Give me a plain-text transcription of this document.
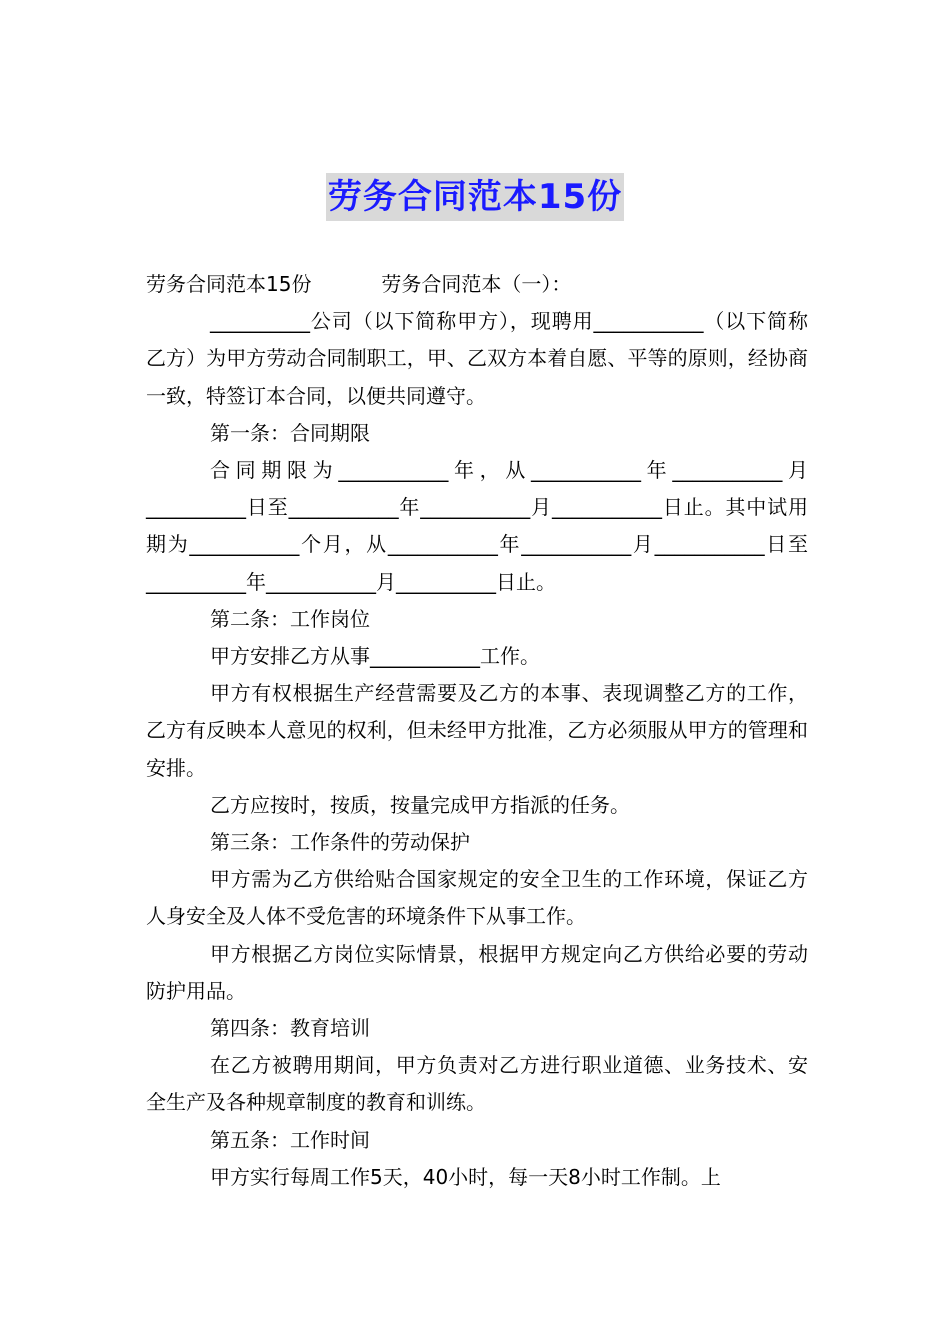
劳务合同范本15份

劳务合同范本15份           劳务合同范本（一）：

__________公司（以下简称甲方），现聘用___________（以下简称乙方）为甲方劳动合同制职工，甲、乙双方本着自愿、平等的原则，经协商一致，特签订本合同，以便共同遵守。

第一条：合同期限

合同期限为___________年，从___________年___________月__________日至___________年___________月___________日止。其中试用期为___________个月，从___________年___________月___________日至__________年___________月__________日止。

第二条：工作岗位

甲方安排乙方从事___________工作。

甲方有权根据生产经营需要及乙方的本事、表现调整乙方的工作，乙方有反映本人意见的权利，但未经甲方批准，乙方必须服从甲方的管理和安排。

乙方应按时，按质，按量完成甲方指派的任务。

第三条：工作条件的劳动保护

甲方需为乙方供给贴合国家规定的安全卫生的工作环境，保证乙方人身安全及人体不受危害的环境条件下从事工作。

甲方根据乙方岗位实际情景，根据甲方规定向乙方供给必要的劳动防护用品。

第四条：教育培训

在乙方被聘用期间，甲方负责对乙方进行职业道德、业务技术、安全生产及各种规章制度的教育和训练。

第五条：工作时间

甲方实行每周工作5天，40小时，每一天8小时工作制。上
